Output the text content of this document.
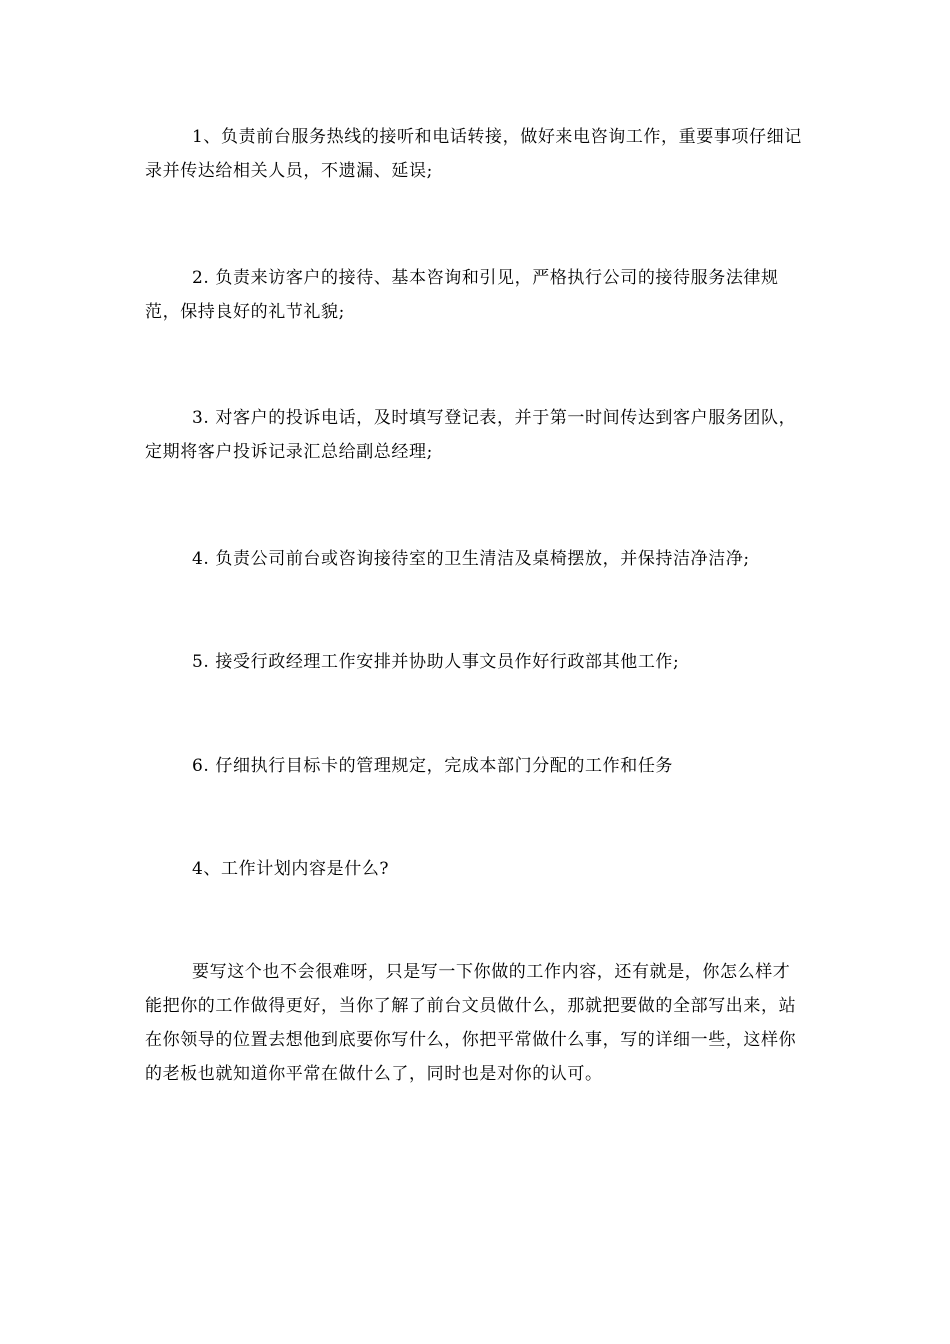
1、负责前台服务热线的接听和电话转接，做好来电咨询工作，重要事项仔细记录并传达给相关人员，不遗漏、延误;

2. 负责来访客户的接待、基本咨询和引见，严格执行公司的接待服务法律规范，保持良好的礼节礼貌;

3. 对客户的投诉电话，及时填写登记表，并于第一时间传达到客户服务团队，定期将客户投诉记录汇总给副总经理;

4. 负责公司前台或咨询接待室的卫生清洁及桌椅摆放，并保持洁净洁净;

5. 接受行政经理工作安排并协助人事文员作好行政部其他工作;

6. 仔细执行目标卡的管理规定，完成本部门分配的工作和任务

4、工作计划内容是什么?

要写这个也不会很难呀，只是写一下你做的工作内容，还有就是，你怎么样才能把你的工作做得更好，当你了解了前台文员做什么，那就把要做的全部写出来，站在你领导的位置去想他到底要你写什么，你把平常做什么事，写的详细一些，这样你的老板也就知道你平常在做什么了，同时也是对你的认可。
